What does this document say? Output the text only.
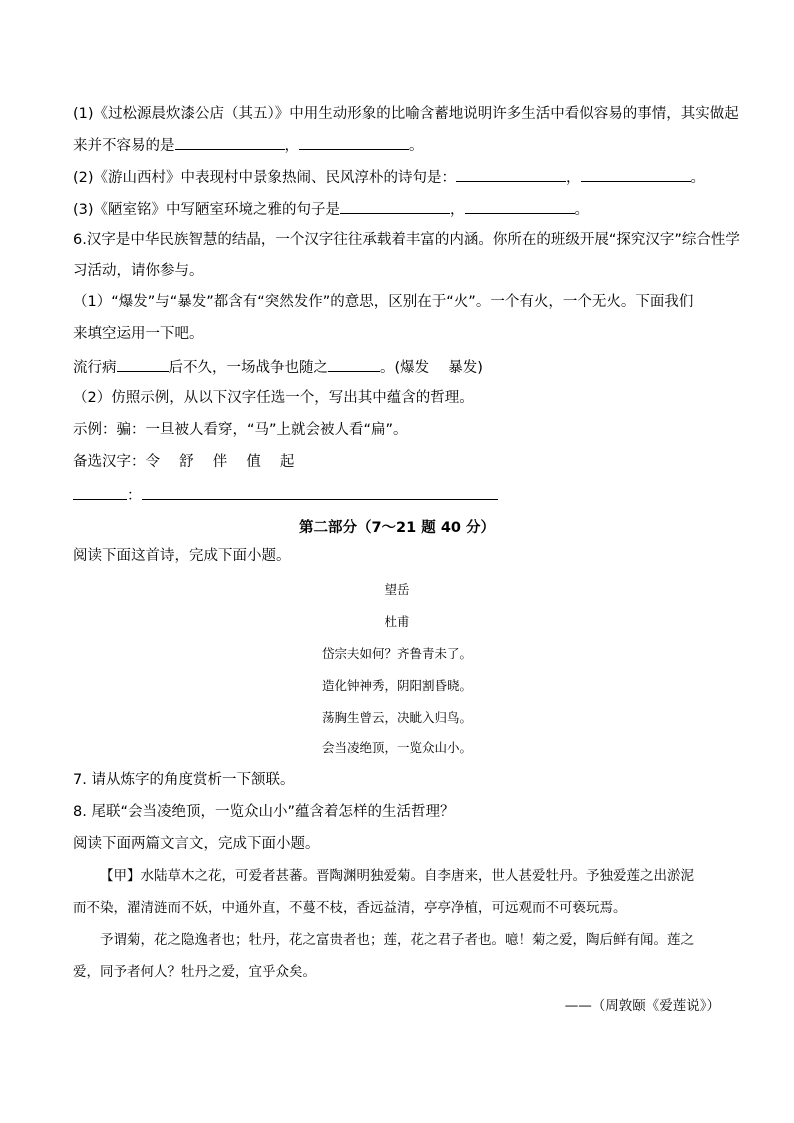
(1)《过松源晨炊漆公店（其五）》中用生动形象的比喻含蓄地说明许多生活中看似容易的事情，其实做起
来并不容易的是	，	。
(2)《游山西村》中表现村中景象热闹、民风淳朴的诗句是：	，	。
(3)《陋室铭》中写陋室环境之雅的句子是	，	。
6.汉字是中华民族智慧的结晶，一个汉字往往承载着丰富的内涵。你所在的班级开展“探究汉字”综合性学
习活动，请你参与。
（1）“爆发”与“暴发”都含有“突然发作”的意思，区别在于“火”。一个有火，一个无火。下面我们
来填空运用一下吧。
流行病	后不久，一场战争也随之	。(爆发　 暴发)
（2）仿照示例，从以下汉字任选一个，写出其中蕴含的哲理。
示例：骗：一旦被人看穿，“马”上就会被人看“扁”。
备选汉字：令　 舒　 伴　 值　 起
：
第二部分（7～21 题 40 分）
阅读下面这首诗，完成下面小题。
望岳
杜甫
岱宗夫如何？齐鲁青未了。
造化钟神秀，阴阳割昏晓。
荡胸生曾云，决眦入归鸟。
会当凌绝顶，一览众山小。
7. 请从炼字的角度赏析一下颔联。
8. 尾联“会当凌绝顶，一览众山小”蕴含着怎样的生活哲理？
阅读下面两篇文言文，完成下面小题。
【甲】水陆草木之花，可爱者甚蕃。晋陶渊明独爱菊。自李唐来，世人甚爱牡丹。予独爱莲之出淤泥
而不染，濯清涟而不妖，中通外直，不蔓不枝，香远益清，亭亭净植，可远观而不可亵玩焉。
予谓菊，花之隐逸者也；牡丹，花之富贵者也；莲，花之君子者也。噫！菊之爱，陶后鲜有闻。莲之
爱，同予者何人？牡丹之爱，宜乎众矣。
——（周敦颐《爱莲说》）
